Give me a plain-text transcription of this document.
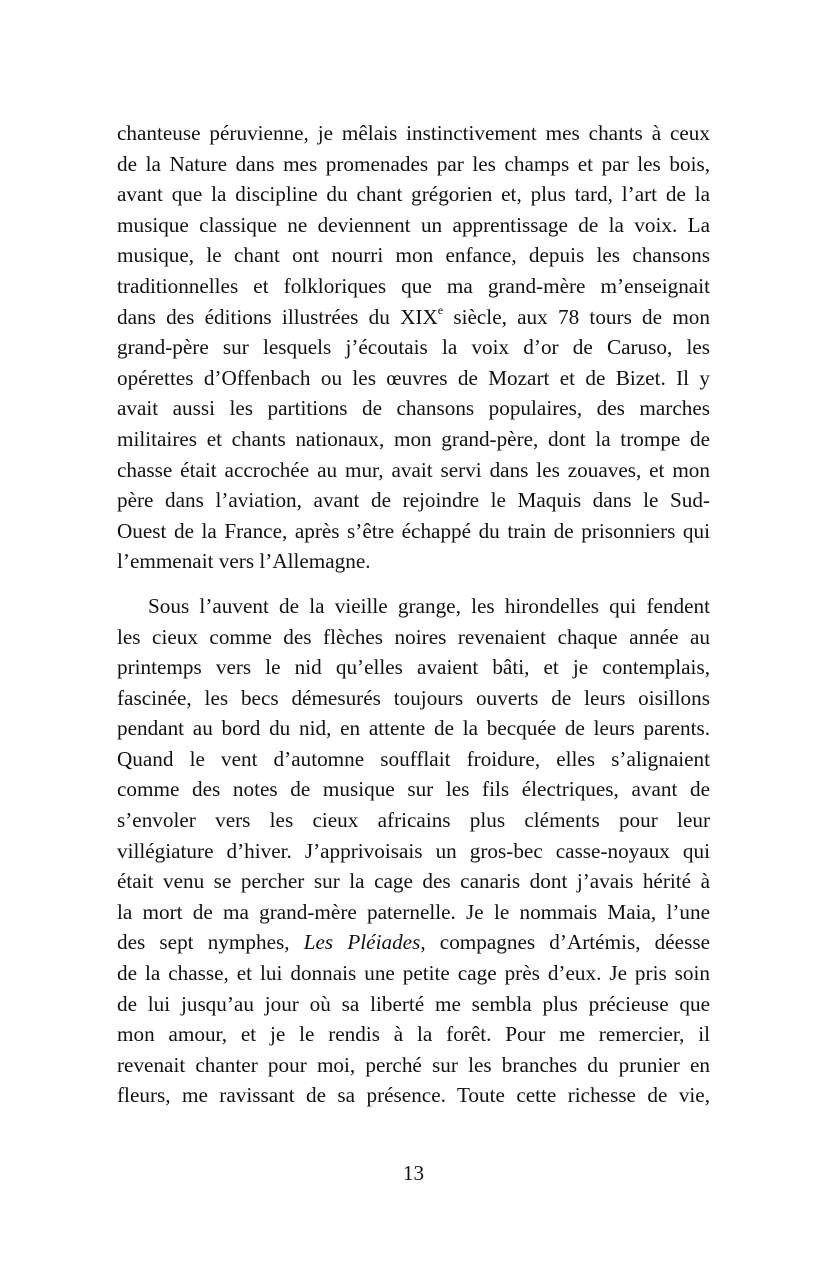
chanteuse péruvienne, je mêlais instinctivement mes chants à ceux
de la Nature dans mes promenades par les champs et par les bois,
avant que la discipline du chant grégorien et, plus tard, l’art de la
musique classique ne deviennent un apprentissage de la voix. La
musique, le chant ont nourri mon enfance, depuis les chansons
traditionnelles et folkloriques que ma grand-mère m’enseignait
dans des éditions illustrées du XIXe siècle, aux 78 tours de mon
grand-père sur lesquels j’écoutais la voix d’or de Caruso, les
opérettes d’Offenbach ou les œuvres de Mozart et de Bizet. Il y
avait aussi les partitions de chansons populaires, des marches
militaires et chants nationaux, mon grand-père, dont la trompe de
chasse était accrochée au mur, avait servi dans les zouaves, et mon
père dans l’aviation, avant de rejoindre le Maquis dans le Sud-
Ouest de la France, après s’être échappé du train de prisonniers qui
l’emmenait vers l’Allemagne.

Sous l’auvent de la vieille grange, les hirondelles qui fendent
les cieux comme des flèches noires revenaient chaque année au
printemps vers le nid qu’elles avaient bâti, et je contemplais,
fascinée, les becs démesurés toujours ouverts de leurs oisillons
pendant au bord du nid, en attente de la becquée de leurs parents.
Quand le vent d’automne soufflait froidure, elles s’alignaient
comme des notes de musique sur les fils électriques, avant de
s’envoler vers les cieux africains plus cléments pour leur
villégiature d’hiver. J’apprivoisais un gros-bec casse-noyaux qui
était venu se percher sur la cage des canaris dont j’avais hérité à
la mort de ma grand-mère paternelle. Je le nommais Maia, l’une
des sept nymphes, Les Pléiades, compagnes d’Artémis, déesse
de la chasse, et lui donnais une petite cage près d’eux. Je pris soin
de lui jusqu’au jour où sa liberté me sembla plus précieuse que
mon amour, et je le rendis à la forêt. Pour me remercier, il
revenait chanter pour moi, perché sur les branches du prunier en
fleurs, me ravissant de sa présence. Toute cette richesse de vie,

13
